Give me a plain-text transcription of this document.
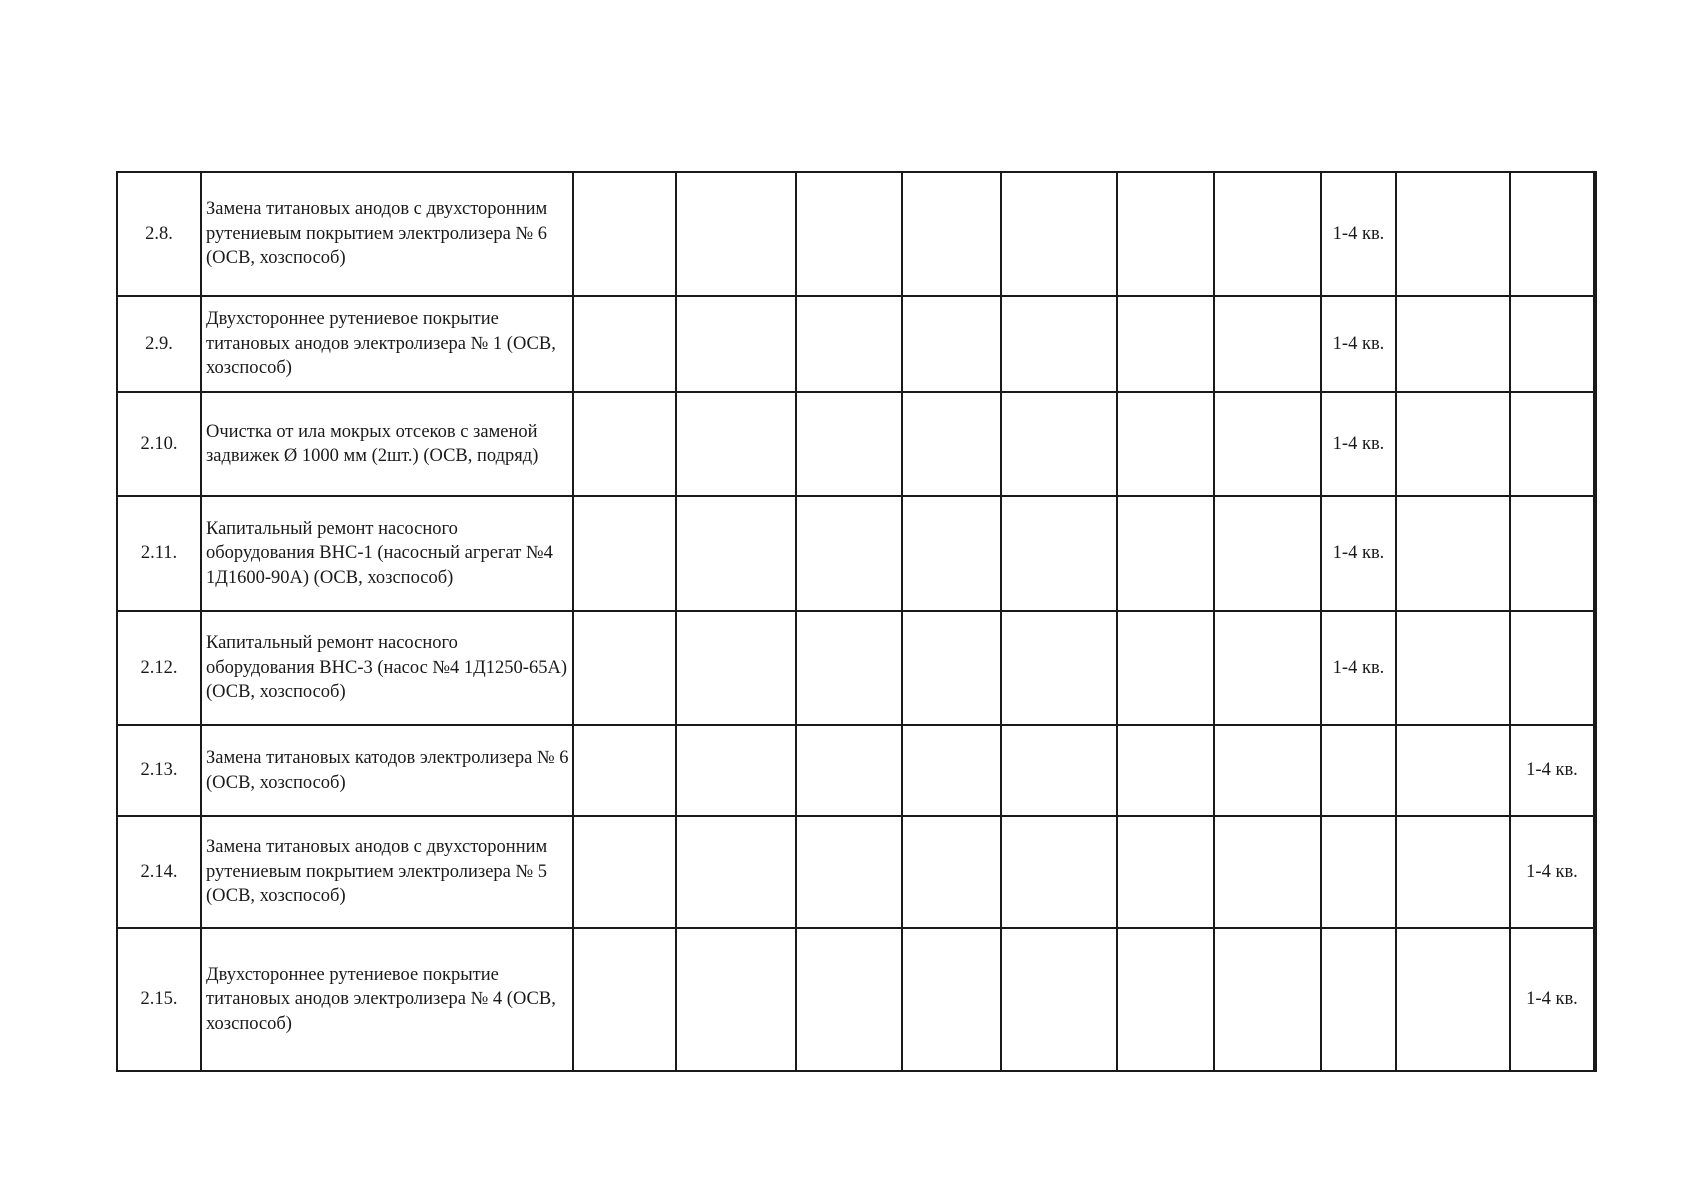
2.8.	Замена титановых анодов с двухсторонним рутениевым покрытием электролизера № 6 (ОСВ, хозспособ)								1-4 кв.			
2.9.	Двухстороннее рутениевое покрытие титановых анодов электролизера № 1 (ОСВ, хозспособ)								1-4 кв.			
2.10.	Очистка от ила мокрых отсеков с заменой задвижек Ø 1000 мм (2шт.) (ОСВ, подряд)								1-4 кв.			
2.11.	Капитальный ремонт насосного оборудования ВНС-1 (насосный агрегат №4 1Д1600-90А) (ОСВ, хозспособ)								1-4 кв.			
2.12.	Капитальный ремонт насосного оборудования ВНС-3 (насос №4 1Д1250-65А) (ОСВ, хозспособ)								1-4 кв.			
2.13.	Замена титановых катодов электролизера № 6 (ОСВ, хозспособ)										1-4 кв.	
2.14.	Замена титановых анодов с двухсторонним рутениевым покрытием электролизера № 5 (ОСВ, хозспособ)										1-4 кв.	
2.15.	Двухстороннее рутениевое покрытие титановых анодов электролизера № 4 (ОСВ, хозспособ)										1-4 кв.	
